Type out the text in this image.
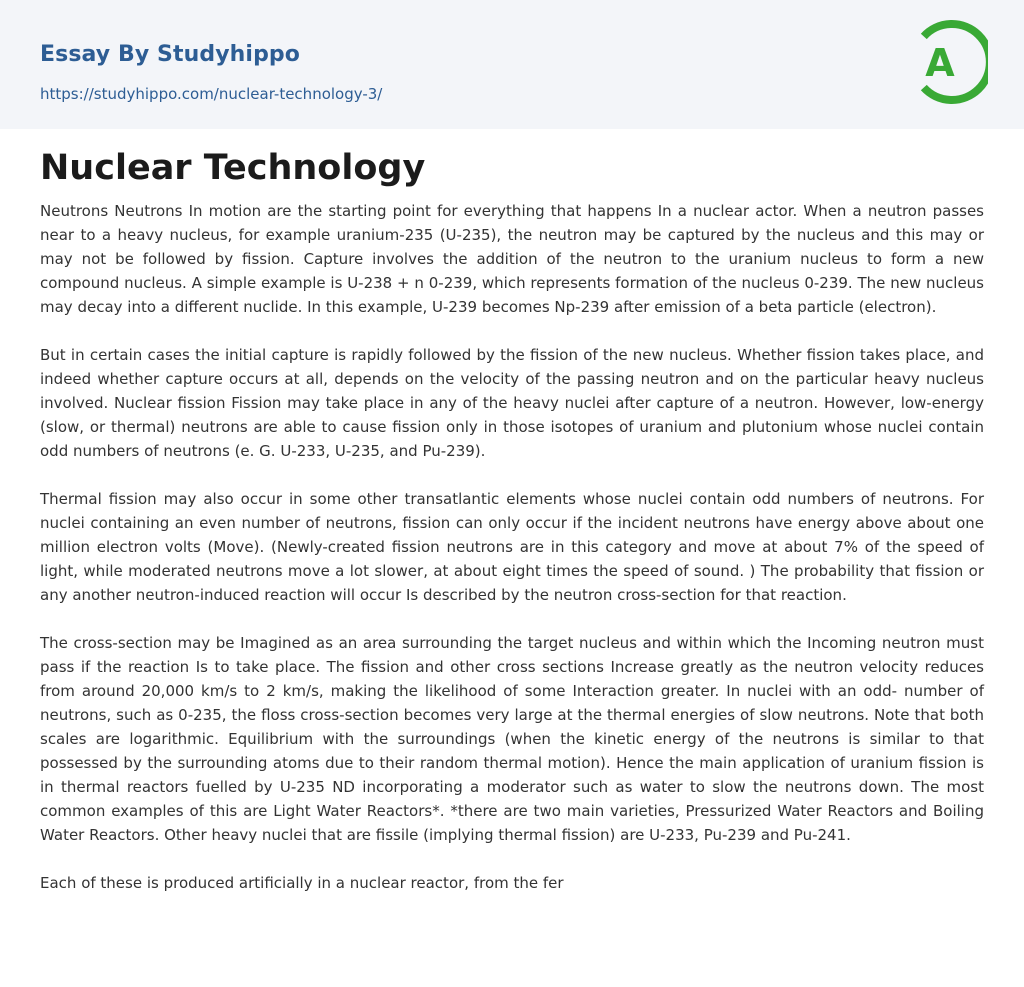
Essay By Studyhippo
https://studyhippo.com/nuclear-technology-3/
A
Nuclear Technology

Neutrons Neutrons In motion are the starting point for everything that happens In a nuclear actor. When a neutron passes near to a heavy nucleus, for example uranium-235 (U-235), the neutron may be captured by the nucleus and this may or may not be followed by fission. Capture involves the addition of the neutron to the uranium nucleus to form a new compound nucleus. A simple example is U-238 + n 0-239, which represents formation of the nucleus 0-239. The new nucleus may decay into a different nuclide. In this example, U-239 becomes Np-239 after emission of a beta particle (electron).

But in certain cases the initial capture is rapidly followed by the fission of the new nucleus. Whether fission takes place, and indeed whether capture occurs at all, depends on the velocity of the passing neutron and on the particular heavy nucleus involved. Nuclear fission Fission may take place in any of the heavy nuclei after capture of a neutron. However, low-energy (slow, or thermal) neutrons are able to cause fission only in those isotopes of uranium and plutonium whose nuclei contain odd numbers of neutrons (e. G. U-233, U-235, and Pu-239).

Thermal fission may also occur in some other transatlantic elements whose nuclei contain odd numbers of neutrons. For nuclei containing an even number of neutrons, fission can only occur if the incident neutrons have energy above about one million electron volts (Move). (Newly-created fission neutrons are in this category and move at about 7% of the speed of light, while moderated neutrons move a lot slower, at about eight times the speed of sound. ) The probability that fission or any another neutron-induced reaction will occur Is described by the neutron cross-section for that reaction.

The cross-section may be Imagined as an area surrounding the target nucleus and within which the Incoming neutron must pass if the reaction Is to take place. The fission and other cross sections Increase greatly as the neutron velocity reduces from around 20,000 km/s to 2 km/s, making the likelihood of some Interaction greater. In nuclei with an odd- number of neutrons, such as 0-235, the floss cross-section becomes very large at the thermal energies of slow neutrons. Note that both scales are logarithmic. Equilibrium with the surroundings (when the kinetic energy of the neutrons is similar to that possessed by the surrounding atoms due to their random thermal motion). Hence the main application of uranium fission is in thermal reactors fuelled by U-235 ND incorporating a moderator such as water to slow the neutrons down. The most common examples of this are Light Water Reactors*. *there are two main varieties, Pressurized Water Reactors and Boiling Water Reactors. Other heavy nuclei that are fissile (implying thermal fission) are U-233, Pu-239 and Pu-241.

Each of these is produced artificially in a nuclear reactor, from the fer
